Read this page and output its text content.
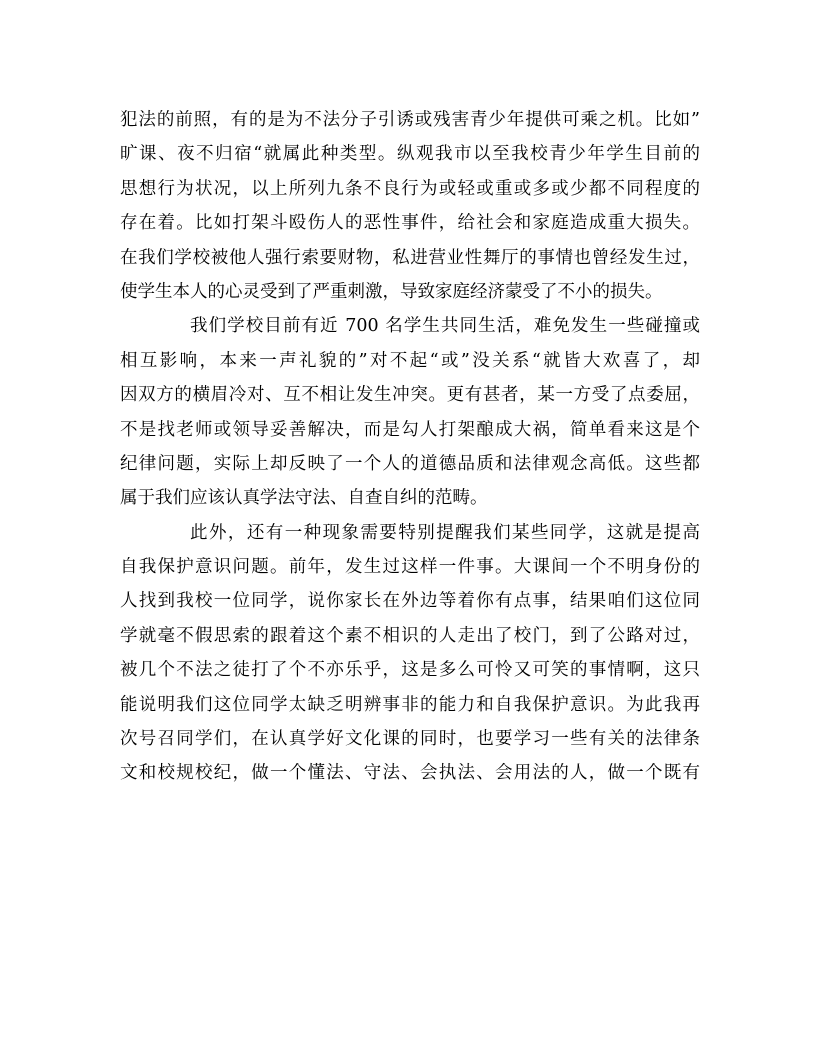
犯法的前照，有的是为不法分子引诱或残害青少年提供可乘之机。比如”
旷课、夜不归宿“就属此种类型。纵观我市以至我校青少年学生目前的
思想行为状况，以上所列九条不良行为或轻或重或多或少都不同程度的
存在着。比如打架斗殴伤人的恶性事件，给社会和家庭造成重大损失。
在我们学校被他人强行索要财物，私进营业性舞厅的事情也曾经发生过，
使学生本人的心灵受到了严重刺激，导致家庭经济蒙受了不小的损失。
我们学校目前有近 700 名学生共同生活，难免发生一些碰撞或
相互影响，本来一声礼貌的”对不起“或”没关系“就皆大欢喜了，却
因双方的横眉冷对、互不相让发生冲突。更有甚者，某一方受了点委屈，
不是找老师或领导妥善解决，而是勾人打架酿成大祸，简单看来这是个
纪律问题，实际上却反映了一个人的道德品质和法律观念高低。这些都
属于我们应该认真学法守法、自查自纠的范畴。
此外，还有一种现象需要特别提醒我们某些同学，这就是提高
自我保护意识问题。前年，发生过这样一件事。大课间一个不明身份的
人找到我校一位同学，说你家长在外边等着你有点事，结果咱们这位同
学就毫不假思索的跟着这个素不相识的人走出了校门，到了公路对过，
被几个不法之徒打了个不亦乐乎，这是多么可怜又可笑的事情啊，这只
能说明我们这位同学太缺乏明辨事非的能力和自我保护意识。为此我再
次号召同学们，在认真学好文化课的同时，也要学习一些有关的法律条
文和校规校纪，做一个懂法、守法、会执法、会用法的人，做一个既有
